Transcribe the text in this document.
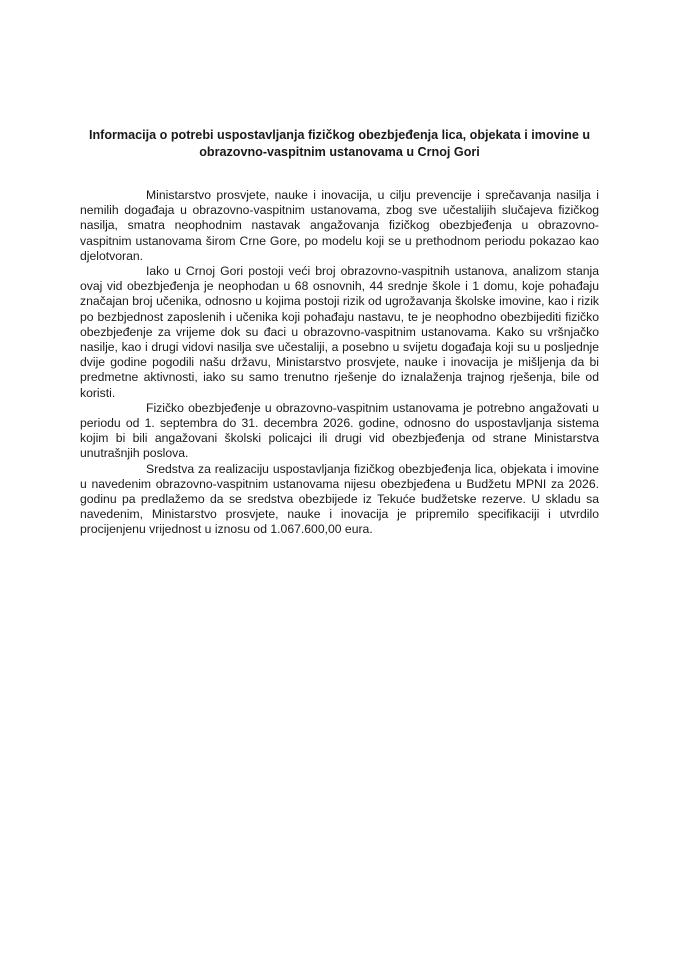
Informacija o potrebi uspostavljanja fizičkog obezbjeđenja lica, objekata i imovine u obrazovno-vaspitnim ustanovama u Crnoj Gori

Ministarstvo prosvjete, nauke i inovacija, u cilju prevencije i sprečavanja nasilja i nemilih događaja u obrazovno-vaspitnim ustanovama, zbog sve učestalijih slučajeva fizičkog nasilja, smatra neophodnim nastavak angažovanja fizičkog obezbjeđenja u obrazovno-vaspitnim ustanovama širom Crne Gore, po modelu koji se u prethodnom periodu pokazao kao djelotvoran.

Iako u Crnoj Gori postoji veći broj obrazovno-vaspitnih ustanova, analizom stanja ovaj vid obezbjeđenja je neophodan u 68 osnovnih, 44 srednje škole i 1 domu, koje pohađaju značajan broj učenika, odnosno u kojima postoji rizik od ugrožavanja školske imovine, kao i rizik po bezbjednost zaposlenih i učenika koji pohađaju nastavu, te je neophodno obezbijediti fizičko obezbjeđenje za vrijeme dok su đaci u obrazovno-vaspitnim ustanovama. Kako su vršnjačko nasilje, kao i drugi vidovi nasilja sve učestaliji, a posebno u svijetu događaja koji su u posljednje dvije godine pogodili našu državu, Ministarstvo prosvjete, nauke i inovacija je mišljenja da bi predmetne aktivnosti, iako su samo trenutno rješenje do iznalaženja trajnog rješenja, bile od koristi.

Fizičko obezbjeđenje u obrazovno-vaspitnim ustanovama je potrebno angažovati u periodu od 1. septembra do 31. decembra 2026. godine, odnosno do uspostavljanja sistema kojim bi bili angažovani školski policajci ili drugi vid obezbjeđenja od strane Ministarstva unutrašnjih poslova.

Sredstva za realizaciju uspostavljanja fizičkog obezbjeđenja lica, objekata i imovine u navedenim obrazovno-vaspitnim ustanovama nijesu obezbjeđena u Budžetu MPNI za 2026. godinu pa predlažemo da se sredstva obezbijede iz Tekuće budžetske rezerve. U skladu sa navedenim, Ministarstvo prosvjete, nauke i inovacija je pripremilo specifikaciji i utvrdilo procijenjenu vrijednost u iznosu od 1.067.600,00 eura.
